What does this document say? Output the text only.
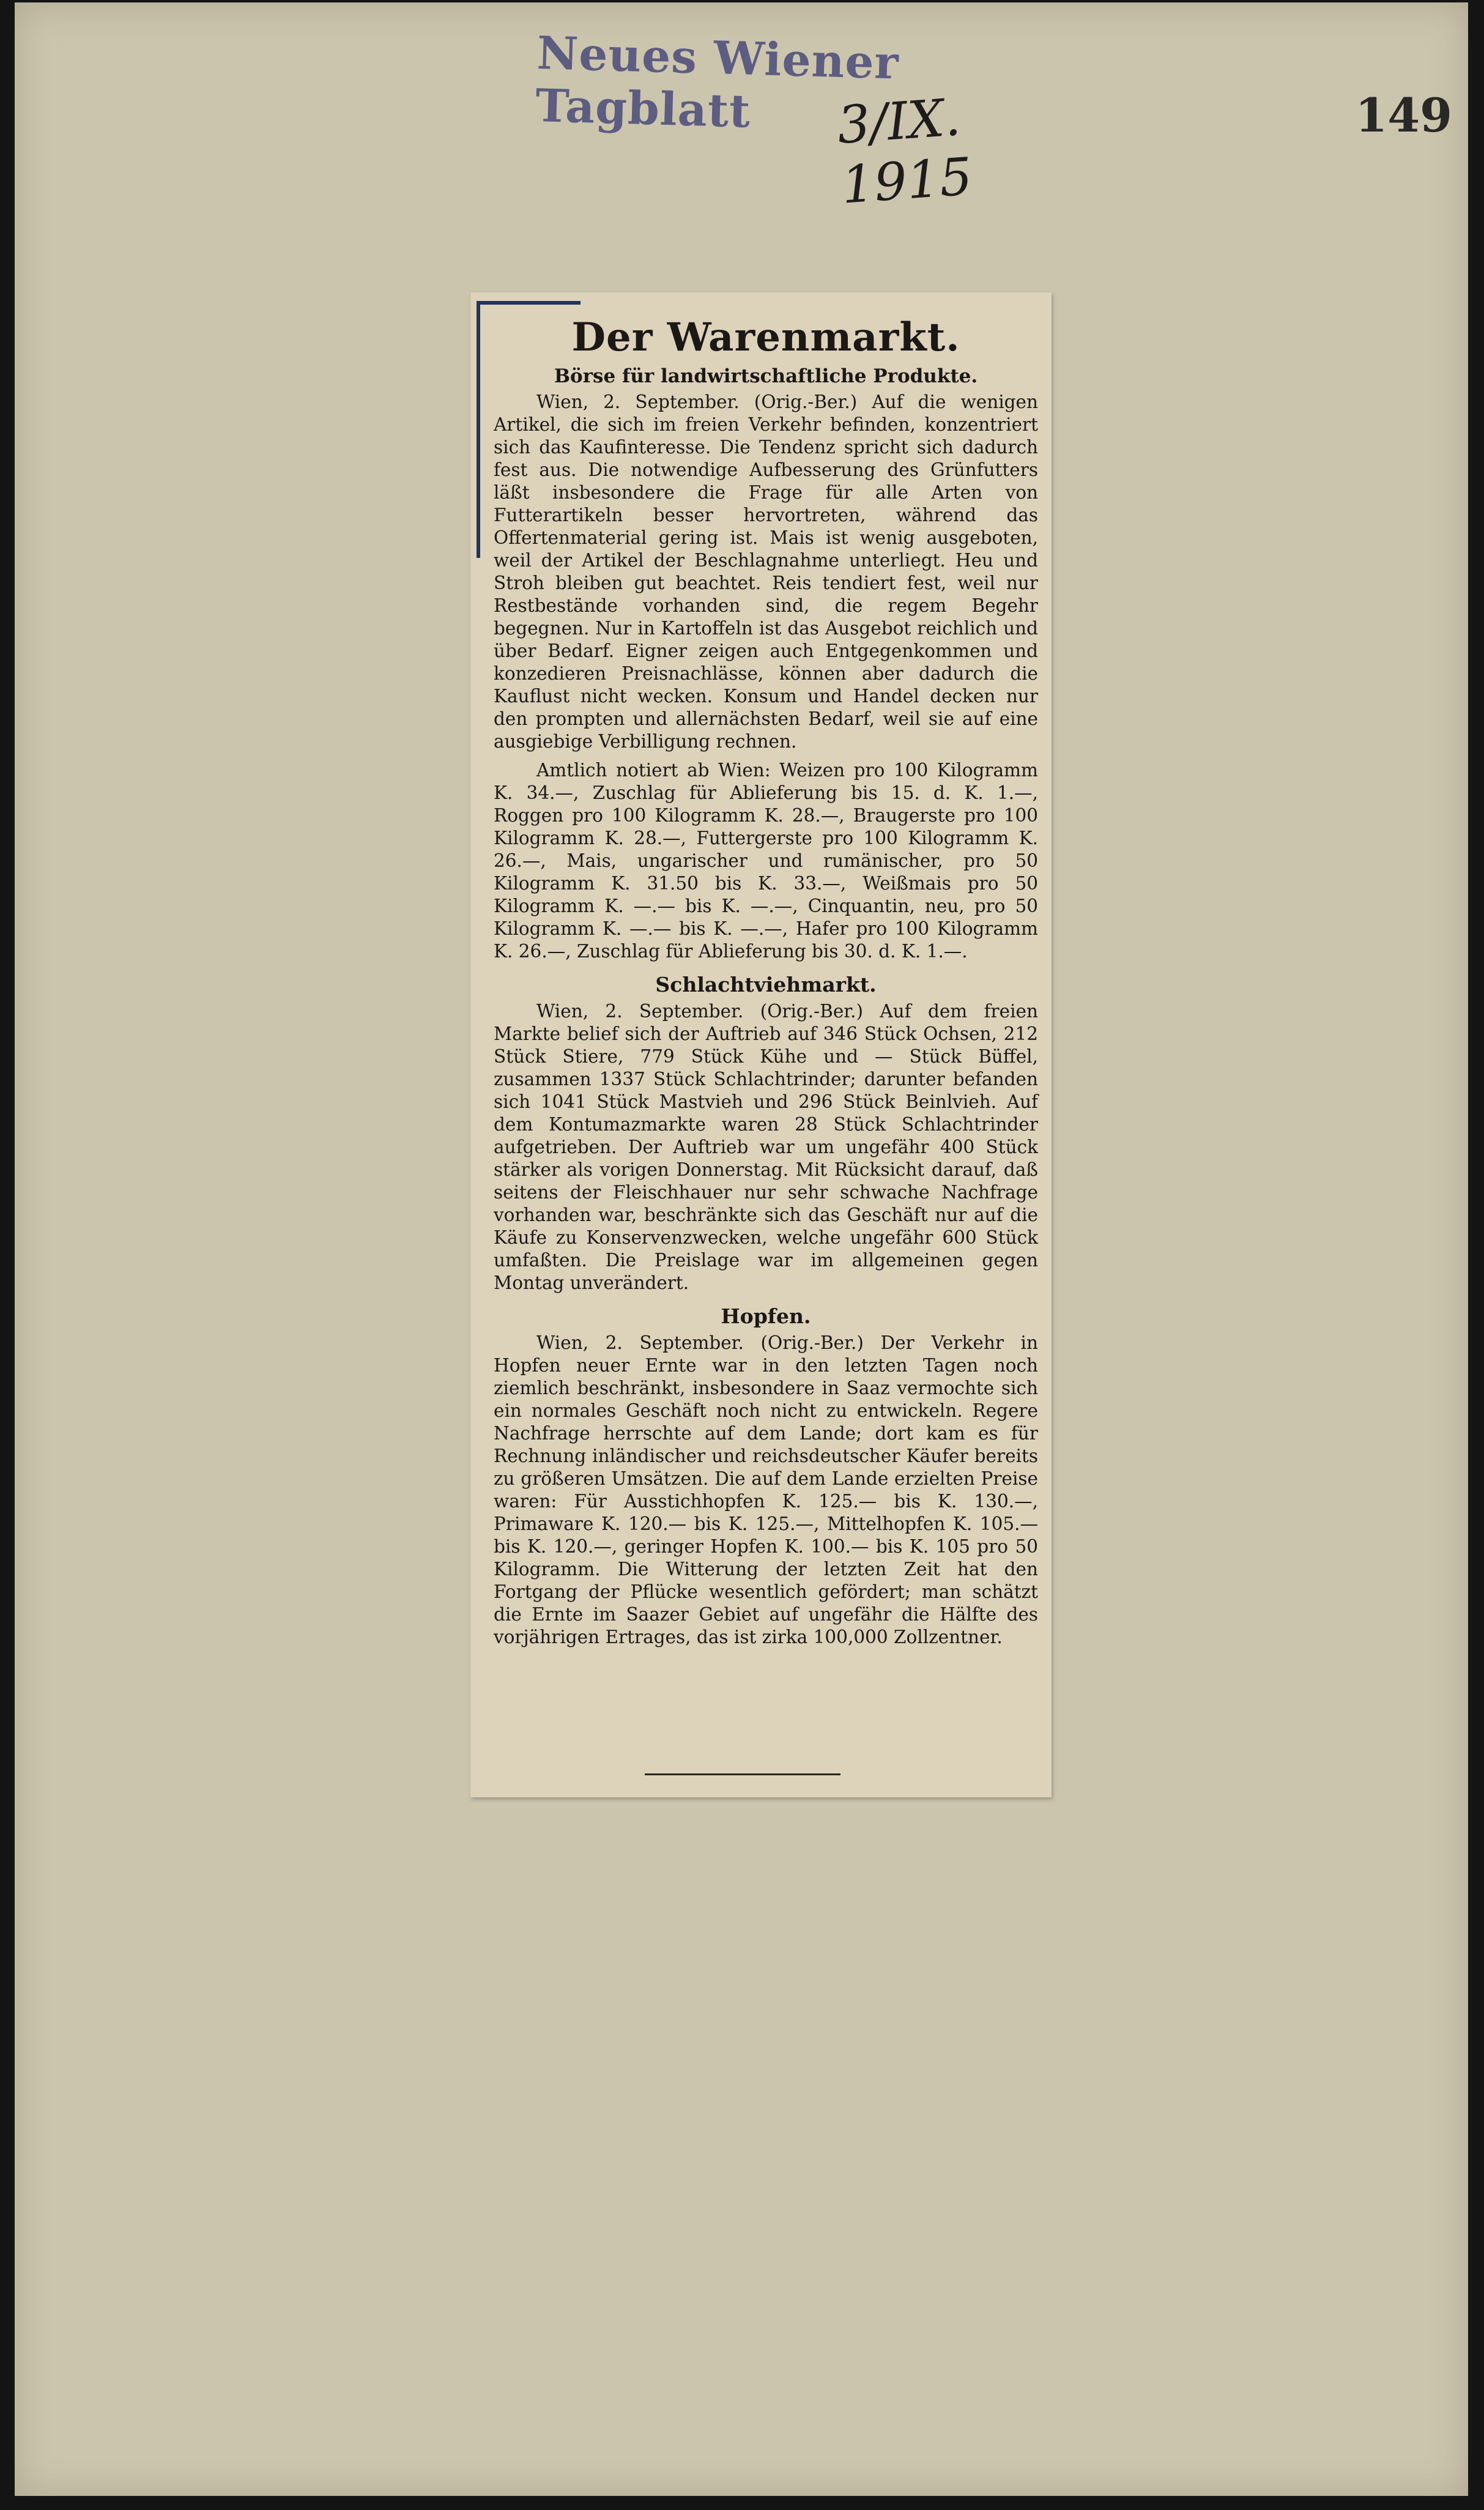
Neues Wiener Tagblatt	3/IX. 1915
149
Der Warenmarkt.
Börse für landwirtschaftliche Produkte.

Wien, 2. September. (Orig.-Ber.) Auf die wenigen Artikel, die sich im freien Verkehr befinden, konzentriert sich das Kaufinteresse. Die Tendenz spricht sich dadurch fest aus. Die notwendige Aufbesserung des Grünfutters läßt insbesondere die Frage für alle Arten von Futterartikeln besser hervortreten, während das Offertenmaterial gering ist. Mais ist wenig ausgeboten, weil der Artikel der Beschlagnahme unterliegt. Heu und Stroh bleiben gut beachtet. Reis tendiert fest, weil nur Restbestände vorhanden sind, die regem Begehr begegnen. Nur in Kartoffeln ist das Ausgebot reichlich und über Bedarf. Eigner zeigen auch Entgegenkommen und konzedieren Preisnachlässe, können aber dadurch die Kauflust nicht wecken. Konsum und Handel decken nur den prompten und allernächsten Bedarf, weil sie auf eine ausgiebige Verbilligung rechnen.

Amtlich notiert ab Wien: Weizen pro 100 Kilogramm K. 34.—, Zuschlag für Ablieferung bis 15. d. K. 1.—, Roggen pro 100 Kilogramm K. 28.—, Braugerste pro 100 Kilogramm K. 28.—, Futtergerste pro 100 Kilogramm K. 26.—, Mais, ungarischer und rumänischer, pro 50 Kilogramm K. 31.50 bis K. 33.—, Weißmais pro 50 Kilogramm K. —.— bis K. —.—, Cinquantin, neu, pro 50 Kilogramm K. —.— bis K. —.—, Hafer pro 100 Kilogramm K. 26.—, Zuschlag für Ablieferung bis 30. d. K. 1.—.

Schlachtviehmarkt.

Wien, 2. September. (Orig.-Ber.) Auf dem freien Markte belief sich der Auftrieb auf 346 Stück Ochsen, 212 Stück Stiere, 779 Stück Kühe und — Stück Büffel, zusammen 1337 Stück Schlachtrinder; darunter befanden sich 1041 Stück Mastvieh und 296 Stück Beinlvieh. Auf dem Kontumazmarkte waren 28 Stück Schlachtrinder aufgetrieben. Der Auftrieb war um ungefähr 400 Stück stärker als vorigen Donnerstag. Mit Rücksicht darauf, daß seitens der Fleischhauer nur sehr schwache Nachfrage vorhanden war, beschränkte sich das Geschäft nur auf die Käufe zu Konservenzwecken, welche ungefähr 600 Stück umfaßten. Die Preislage war im allgemeinen gegen Montag unverändert.

Hopfen.

Wien, 2. September. (Orig.-Ber.) Der Verkehr in Hopfen neuer Ernte war in den letzten Tagen noch ziemlich beschränkt, insbesondere in Saaz vermochte sich ein normales Geschäft noch nicht zu entwickeln. Regere Nachfrage herrschte auf dem Lande; dort kam es für Rechnung inländischer und reichsdeutscher Käufer bereits zu größeren Umsätzen. Die auf dem Lande erzielten Preise waren: Für Ausstichhopfen K. 125.— bis K. 130.—, Primaware K. 120.— bis K. 125.—, Mittelhopfen K. 105.— bis K. 120.—, geringer Hopfen K. 100.— bis K. 105 pro 50 Kilogramm. Die Witterung der letzten Zeit hat den Fortgang der Pflücke wesentlich gefördert; man schätzt die Ernte im Saazer Gebiet auf ungefähr die Hälfte des vorjährigen Ertrages, das ist zirka 100,000 Zollzentner.
